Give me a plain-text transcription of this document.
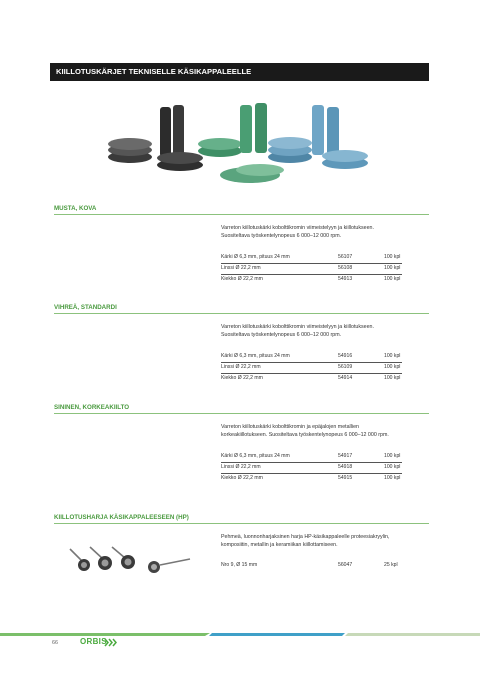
KIILLOTUSKÄRJET TEKNISELLE KÄSIKAPPALEELLE
MUSTA, KOVA
Varreton kiillotuskärki kobolttikromin viimeistelyyn ja kiillotukseen.
Suositeltava työskentelynopeus 6 000–12 000 rpm.
Kärki Ø 6,3 mm, pituus 24 mm	56107	100 kpl
Linssi Ø 22,2 mm	56108	100 kpl
Kiekko Ø 22,2 mm	54913	100 kpl
VIHREÄ, STANDARDI
Varreton kiillotuskärki kobolttikromin viimeistelyyn ja kiillotukseen.
Suositeltava työskentelynopeus 6 000–12 000 rpm.
Kärki Ø 6,3 mm, pituus 24 mm	54916	100 kpl
Linssi Ø 22,2 mm	56109	100 kpl
Kiekko Ø 22,2 mm	54914	100 kpl
SININEN, KORKEAKIILTO
Varreton kiillotuskärki kobolttikromin ja epäjalojen metallien
korkeakiillotukseen. Suositeltava työskentelynopeus 6 000–12 000 rpm.
Kärki Ø 6,3 mm, pituus 24 mm	54917	100 kpl
Linssi Ø 22,2 mm	54918	100 kpl
Kiekko Ø 22,2 mm	54915	100 kpl
KIILLOTUSHARJA KÄSIKAPPALEESEEN (HP)
Pehmeä, luonnonharjaksinen harja HP-käsikappaleelle proteesiakryylin,
komposiitin, metallin ja keramiikan kiillottamiseen.
Nro 9, Ø 15 mm	56047	25 kpl
66	ORBIS
